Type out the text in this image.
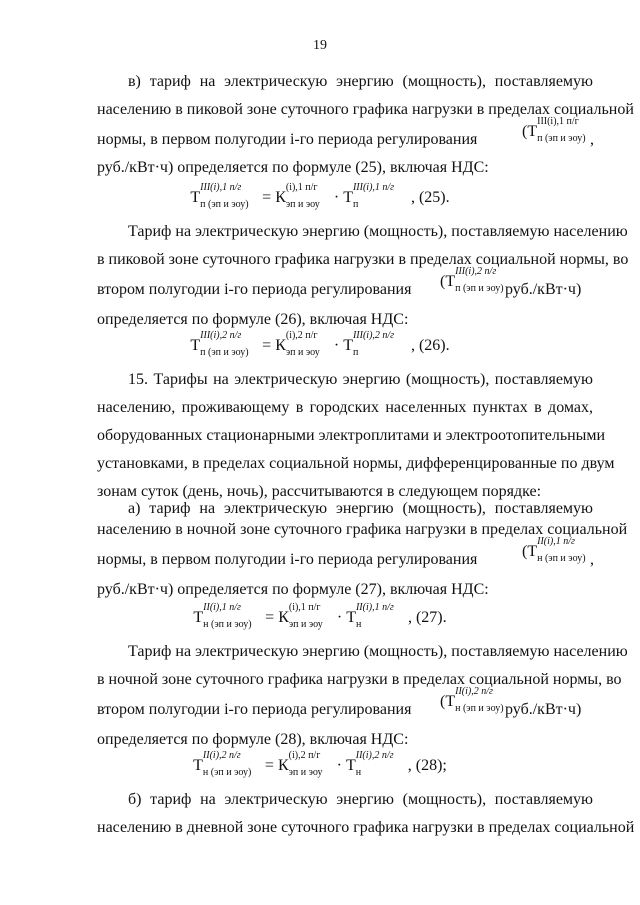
19
в) тариф на электрическую энергию (мощность), поставляемую
населению в пиковой зоне суточного графика нагрузки в пределах социальной
нормы, в первом полугодии i-го периода регулирования	(Т
III(i),1 п/г
п (эп и эоу) ,
руб./кВт·ч) определяется по формуле (25), включая НДС:
Т
III(i),1 п/г
п (эп и эоу) = К
(i),1 п/г
эп и эоу · Т
III(i),1 п/г
п	, (25).
Тариф на электрическую энергию (мощность), поставляемую населению
в пиковой зоне суточного графика нагрузки в пределах социальной нормы, во
втором полугодии i-го периода регулирования	(Т
III(i),2 п/г
п (эп и эоу) руб./кВт·ч)
определяется по формуле (26), включая НДС:
Т
III(i),2 п/г
п (эп и эоу) = К
(i),2 п/г
эп и эоу · Т
III(i),2 п/г
п	, (26).
15. Тарифы на электрическую энергию (мощность), поставляемую
населению, проживающему в городских населенных пунктах в домах,
оборудованных стационарными электроплитами и электроотопительными
установками, в пределах социальной нормы, дифференцированные по двум
зонам суток (день, ночь), рассчитываются в следующем порядке:
а) тариф на электрическую энергию (мощность), поставляемую
населению в ночной зоне суточного графика нагрузки в пределах социальной
нормы, в первом полугодии i-го периода регулирования	(Т
II(i),1 п/г
н (эп и эоу) ,
руб./кВт·ч) определяется по формуле (27), включая НДС:
Т
II(i),1 п/г
н (эп и эоу) = К
(i),1 п/г
эп и эоу · Т
II(i),1 п/г
н	, (27).
Тариф на электрическую энергию (мощность), поставляемую населению
в ночной зоне суточного графика нагрузки в пределах социальной нормы, во
втором полугодии i-го периода регулирования	(Т
II(i),2 п/г
н (эп и эоу) руб./кВт·ч)
определяется по формуле (28), включая НДС:
Т
II(i),2 п/г
н (эп и эоу) = К
(i),2 п/г
эп и эоу · Т
II(i),2 п/г
н	, (28);
б) тариф на электрическую энергию (мощность), поставляемую
населению в дневной зоне суточного графика нагрузки в пределах социальной
